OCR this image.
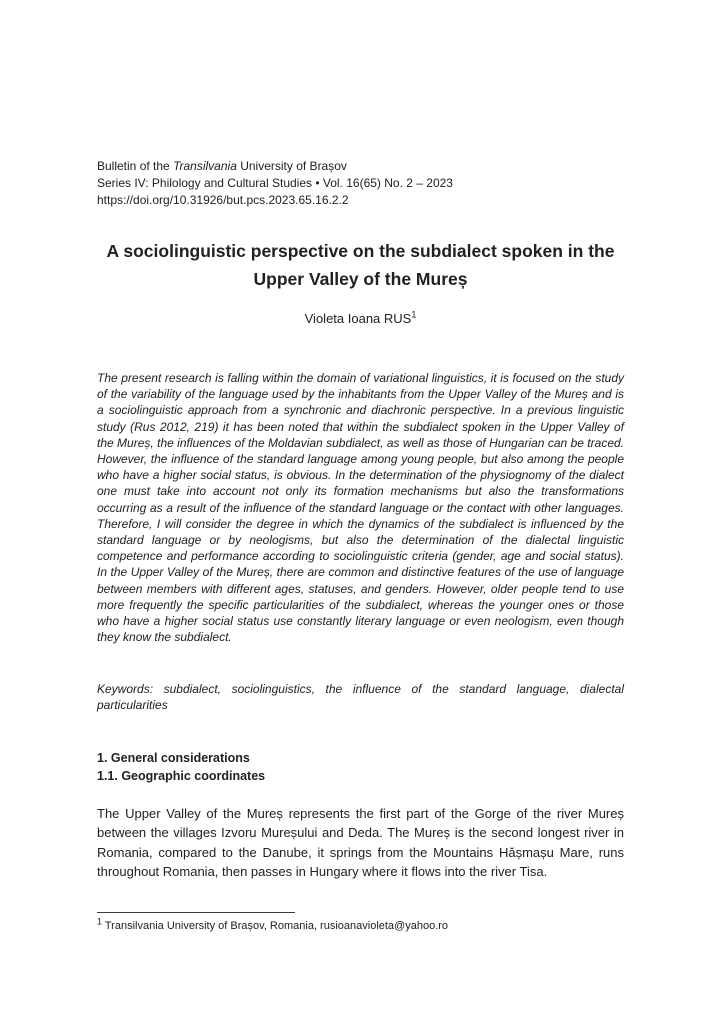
Bulletin of the Transilvania University of Brașov
Series IV: Philology and Cultural Studies • Vol. 16(65) No. 2 – 2023
https://doi.org/10.31926/but.pcs.2023.65.16.2.2
A sociolinguistic perspective on the subdialect spoken in the Upper Valley of the Mureș
Violeta Ioana RUS$^1$

The present research is falling within the domain of variational linguistics, it is focused on the study of the variability of the language used by the inhabitants from the Upper Valley of the Mureș and is a sociolinguistic approach from a synchronic and diachronic perspective. In a previous linguistic study (Rus 2012, 219) it has been noted that within the subdialect spoken in the Upper Valley of the Mureș, the influences of the Moldavian subdialect, as well as those of Hungarian can be traced. However, the influence of the standard language among young people, but also among the people who have a higher social status, is obvious. In the determination of the physiognomy of the dialect one must take into account not only its formation mechanisms but also the transformations occurring as a result of the influence of the standard language or the contact with other languages. Therefore, I will consider the degree in which the dynamics of the subdialect is influenced by the standard language or by neologisms, but also the determination of the dialectal linguistic competence and performance according to sociolinguistic criteria (gender, age and social status). In the Upper Valley of the Mureș, there are common and distinctive features of the use of language between members with different ages, statuses, and genders. However, older people tend to use more frequently the specific particularities of the subdialect, whereas the younger ones or those who have a higher social status use constantly literary language or even neologism, even though they know the subdialect.

Keywords: subdialect, sociolinguistics, the influence of the standard language, dialectal particularities

1. General considerations
1.1. Geographic coordinates

The Upper Valley of the Mureș represents the first part of the Gorge of the river Mureș between the villages Izvoru Mureșului and Deda. The Mureș is the second longest river in Romania, compared to the Danube, it springs from the Mountains Hășmașu Mare, runs throughout Romania, then passes in Hungary where it flows into the river Tisa.

$^1$ Transilvania University of Brașov, Romania, rusioanavioleta@yahoo.ro
